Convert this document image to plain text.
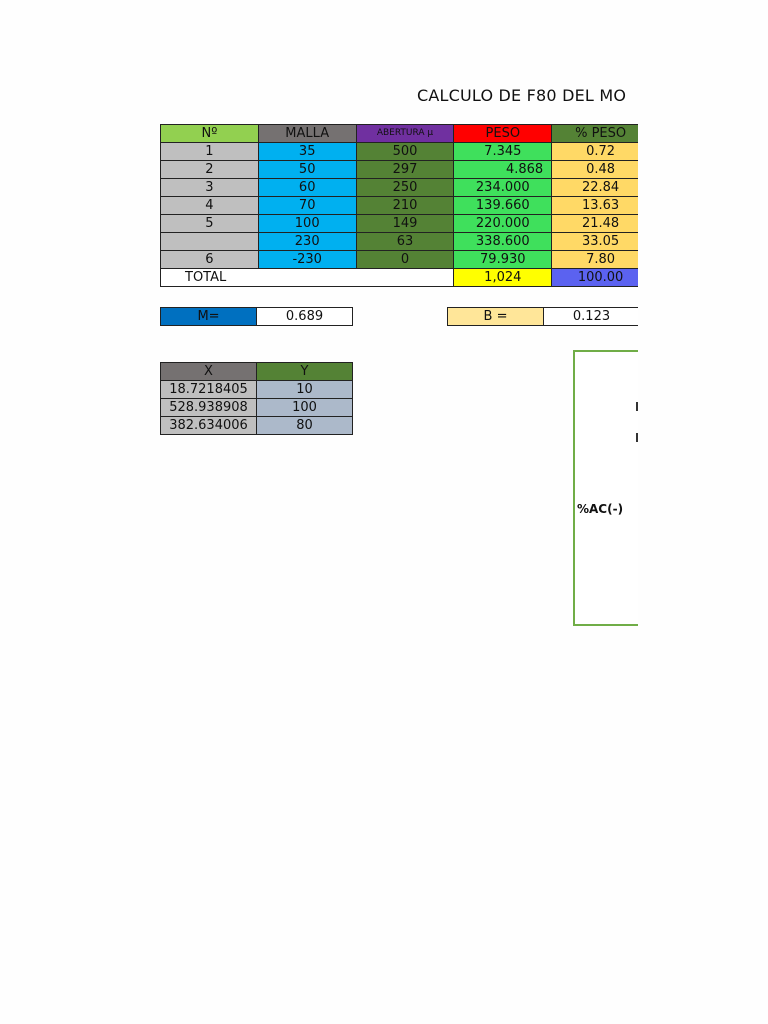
CALCULO DE F80 DEL MO
Nº	MALLA	ABERTURA µ	PESO	% PESO
1	35	500	7.345	0.72
2	50	297	4.868	0.48
3	60	250	234.000	22.84
4	70	210	139.660	13.63
5	100	149	220.000	21.48
	230	63	338.600	33.05
6	-230	0	79.930	7.80
TOTAL			1,024	100.00
M=	0.689	B =	0.123
X	Y
18.7218405	10
528.938908	100
382.634006	80
%AC(-)
